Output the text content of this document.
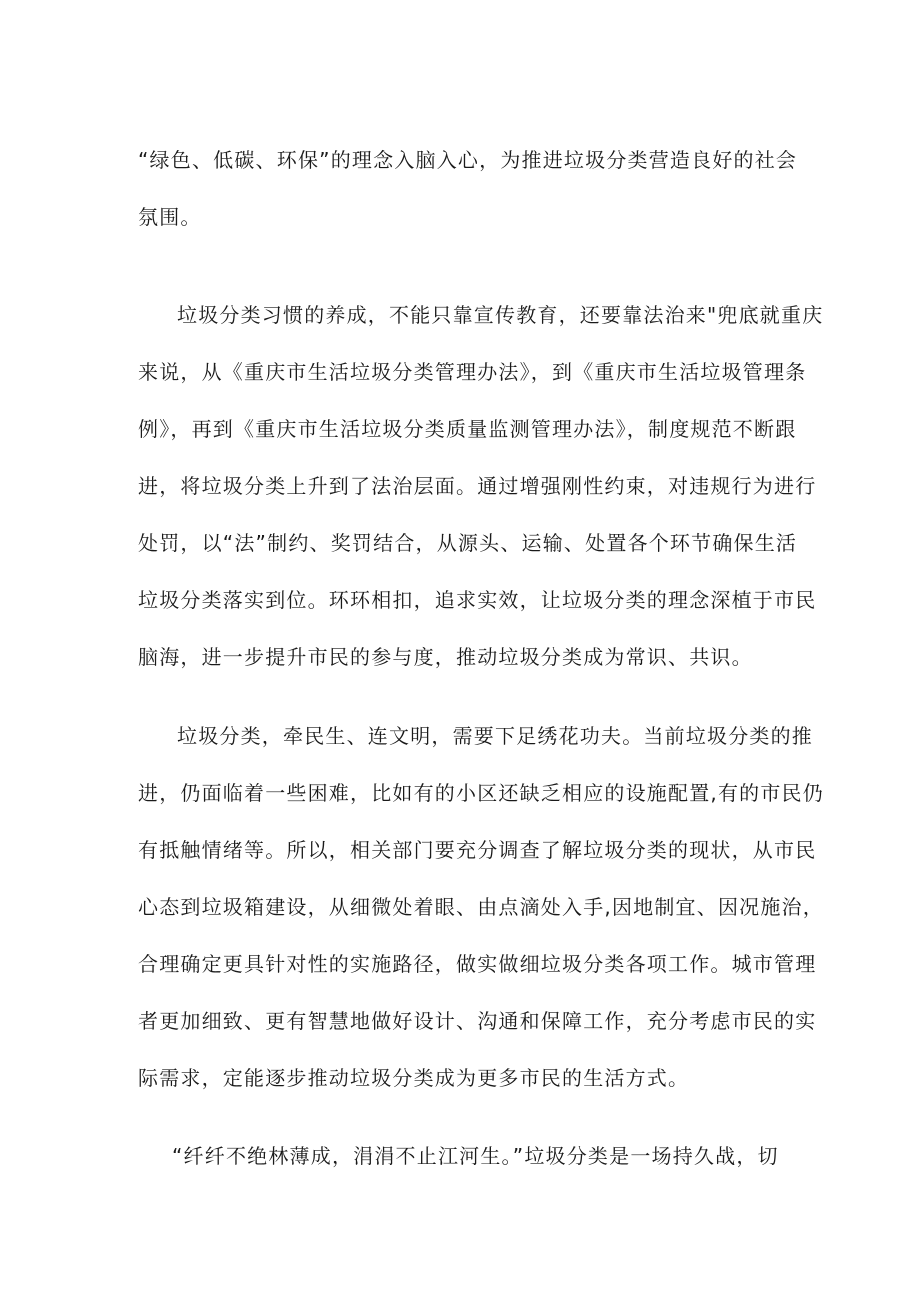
“绿色、低碳、环保”的理念入脑入心，为推进垃圾分类营造良好的社会
氛围。
垃圾分类习惯的养成，不能只靠宣传教育，还要靠法治来"兜底就重庆
来说，从《重庆市生活垃圾分类管理办法》，到《重庆市生活垃圾管理条
例》，再到《重庆市生活垃圾分类质量监测管理办法》，制度规范不断跟
进，将垃圾分类上升到了法治层面。通过增强刚性约束，对违规行为进行
处罚，以“法”制约、奖罚结合，从源头、运输、处置各个环节确保生活
垃圾分类落实到位。环环相扣，追求实效，让垃圾分类的理念深植于市民
脑海，进一步提升市民的参与度，推动垃圾分类成为常识、共识。
垃圾分类，牵民生、连文明，需要下足绣花功夫。当前垃圾分类的推
进，仍面临着一些困难，比如有的小区还缺乏相应的设施配置,有的市民仍
有抵触情绪等。所以，相关部门要充分调查了解垃圾分类的现状，从市民
心态到垃圾箱建设，从细微处着眼、由点滴处入手,因地制宜、因况施治，
合理确定更具针对性的实施路径，做实做细垃圾分类各项工作。城市管理
者更加细致、更有智慧地做好设计、沟通和保障工作，充分考虑市民的实
际需求，定能逐步推动垃圾分类成为更多市民的生活方式。
“纤纤不绝林薄成，涓涓不止江河生。”垃圾分类是一场持久战，切
